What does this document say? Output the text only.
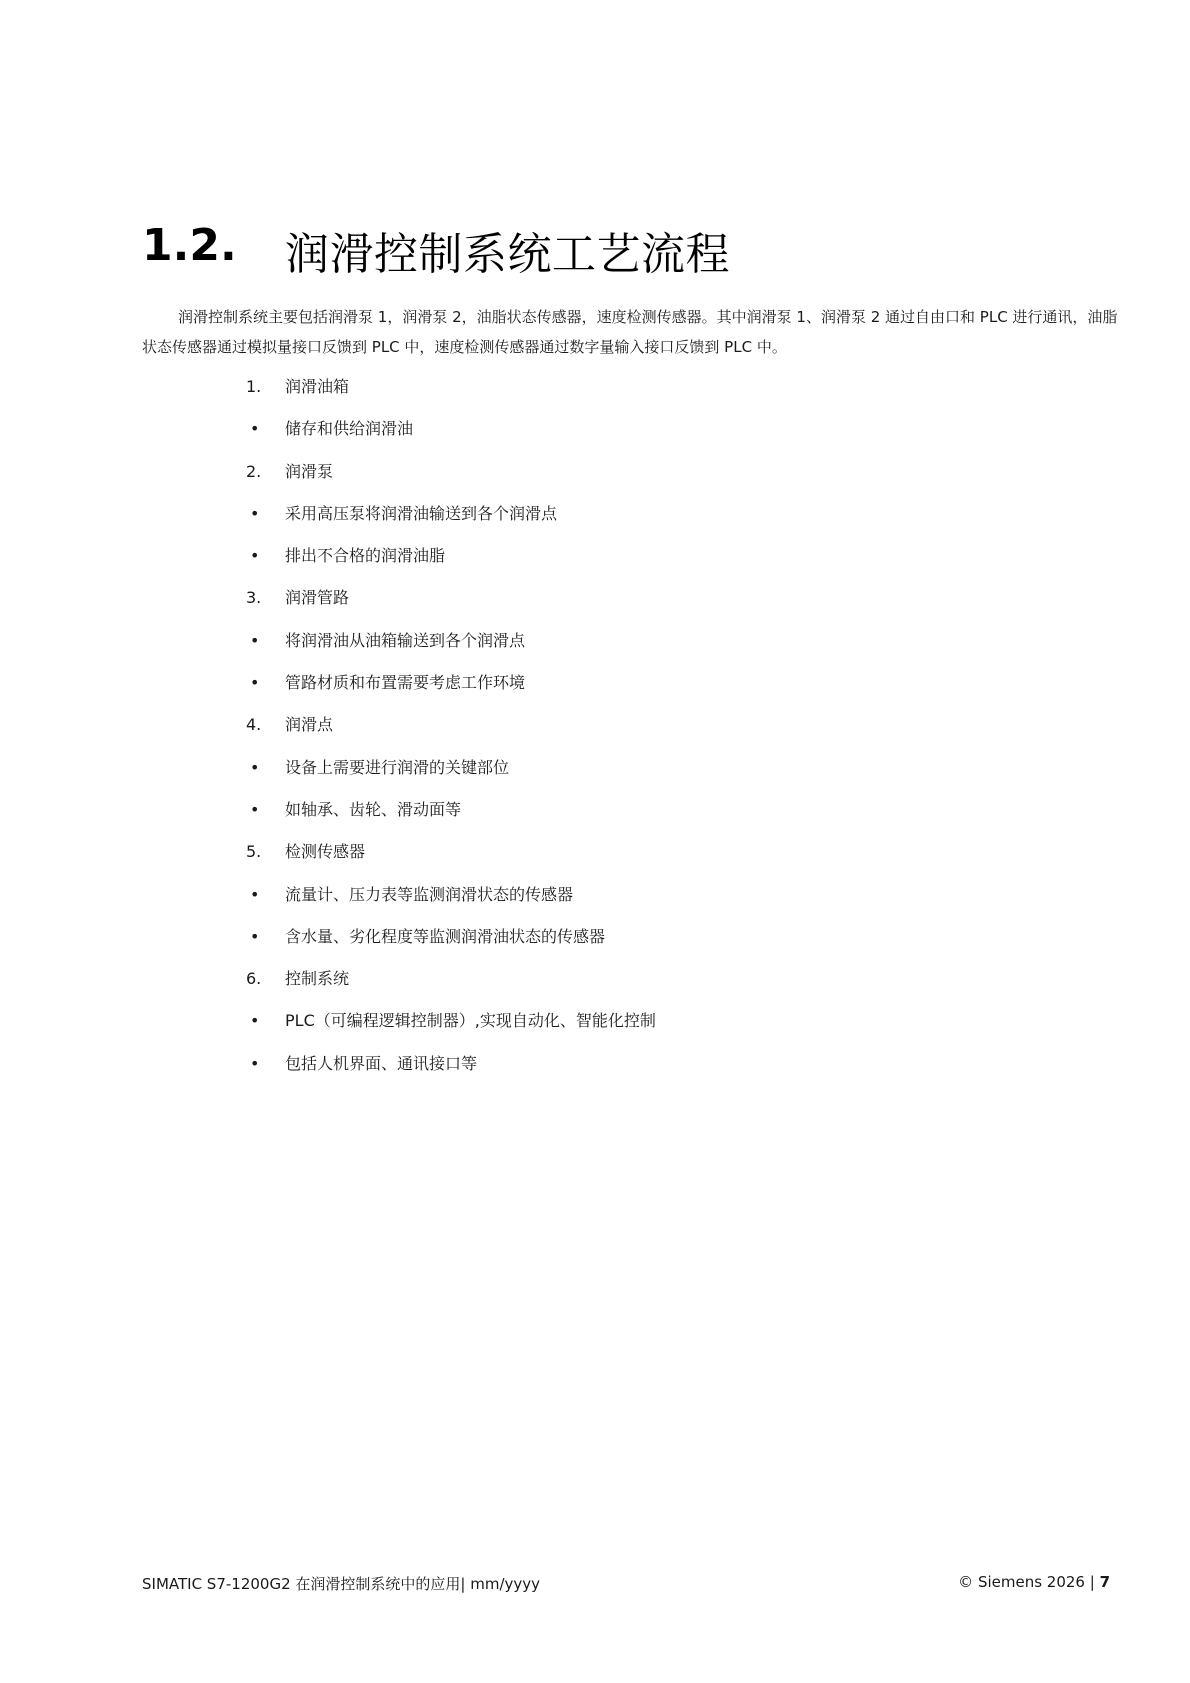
1.2. 润滑控制系统工艺流程

润滑控制系统主要包括润滑泵 1，润滑泵 2，油脂状态传感器，速度检测传感器。其中润滑泵 1、润滑泵 2 通过自由口和 PLC 进行通讯，油脂状态传感器通过模拟量接口反馈到 PLC 中，速度检测传感器通过数字量输入接口反馈到 PLC 中。

1.	润滑油箱
•	储存和供给润滑油
2.	润滑泵
•	采用高压泵将润滑油输送到各个润滑点
•	排出不合格的润滑油脂
3.	润滑管路
•	将润滑油从油箱输送到各个润滑点
•	管路材质和布置需要考虑工作环境
4.	润滑点
•	设备上需要进行润滑的关键部位
•	如轴承、齿轮、滑动面等
5.	检测传感器
•	流量计、压力表等监测润滑状态的传感器
•	含水量、劣化程度等监测润滑油状态的传感器
6.	控制系统
•	PLC（可编程逻辑控制器）,实现自动化、智能化控制
•	包括人机界面、通讯接口等
SIMATIC S7-1200G2 在润滑控制系统中的应用| mm/yyyy	© Siemens 2026 | 7
